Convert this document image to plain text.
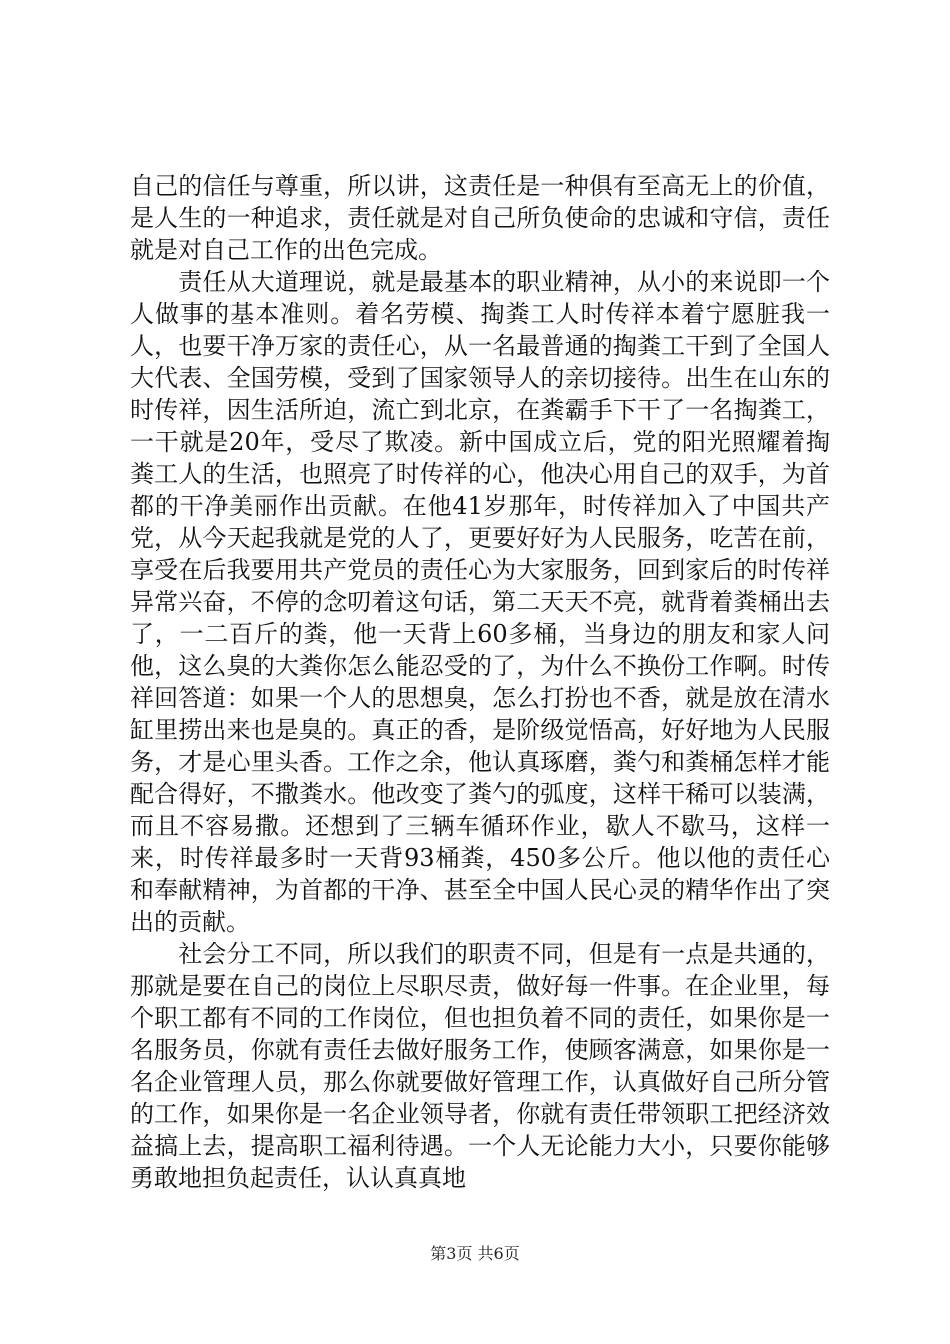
自己的信任与尊重，所以讲，这责任是一种俱有至高无上的价值，是人生的一种追求，责任就是对自己所负使命的忠诚和守信，责任就是对自己工作的出色完成。

　　责任从大道理说，就是最基本的职业精神，从小的来说即一个人做事的基本准则。着名劳模、掏粪工人时传祥本着宁愿脏我一人，也要干净万家的责任心，从一名最普通的掏粪工干到了全国人大代表、全国劳模，受到了国家领导人的亲切接待。出生在山东的时传祥，因生活所迫，流亡到北京，在粪霸手下干了一名掏粪工，一干就是20年，受尽了欺凌。新中国成立后，党的阳光照耀着掏粪工人的生活，也照亮了时传祥的心，他决心用自己的双手，为首都的干净美丽作出贡献。在他41岁那年，时传祥加入了中国共产党，从今天起我就是党的人了，更要好好为人民服务，吃苦在前，享受在后我要用共产党员的责任心为大家服务，回到家后的时传祥异常兴奋，不停的念叨着这句话，第二天天不亮，就背着粪桶出去了，一二百斤的粪，他一天背上60多桶，当身边的朋友和家人问他，这么臭的大粪你怎么能忍受的了，为什么不换份工作啊。时传祥回答道：如果一个人的思想臭，怎么打扮也不香，就是放在清水缸里捞出来也是臭的。真正的香，是阶级觉悟高，好好地为人民服务，才是心里头香。工作之余，他认真琢磨，粪勺和粪桶怎样才能配合得好，不撒粪水。他改变了粪勺的弧度，这样干稀可以装满，而且不容易撒。还想到了三辆车循环作业，歇人不歇马，这样一来，时传祥最多时一天背93桶粪，450多公斤。他以他的责任心和奉献精神，为首都的干净、甚至全中国人民心灵的精华作出了突出的贡献。

　　社会分工不同，所以我们的职责不同，但是有一点是共通的，那就是要在自己的岗位上尽职尽责，做好每一件事。在企业里，每个职工都有不同的工作岗位，但也担负着不同的责任，如果你是一名服务员，你就有责任去做好服务工作，使顾客满意，如果你是一名企业管理人员，那么你就要做好管理工作，认真做好自己所分管的工作，如果你是一名企业领导者，你就有责任带领职工把经济效益搞上去，提高职工福利待遇。一个人无论能力大小，只要你能够勇敢地担负起责任，认认真真地

第3页 共6页
